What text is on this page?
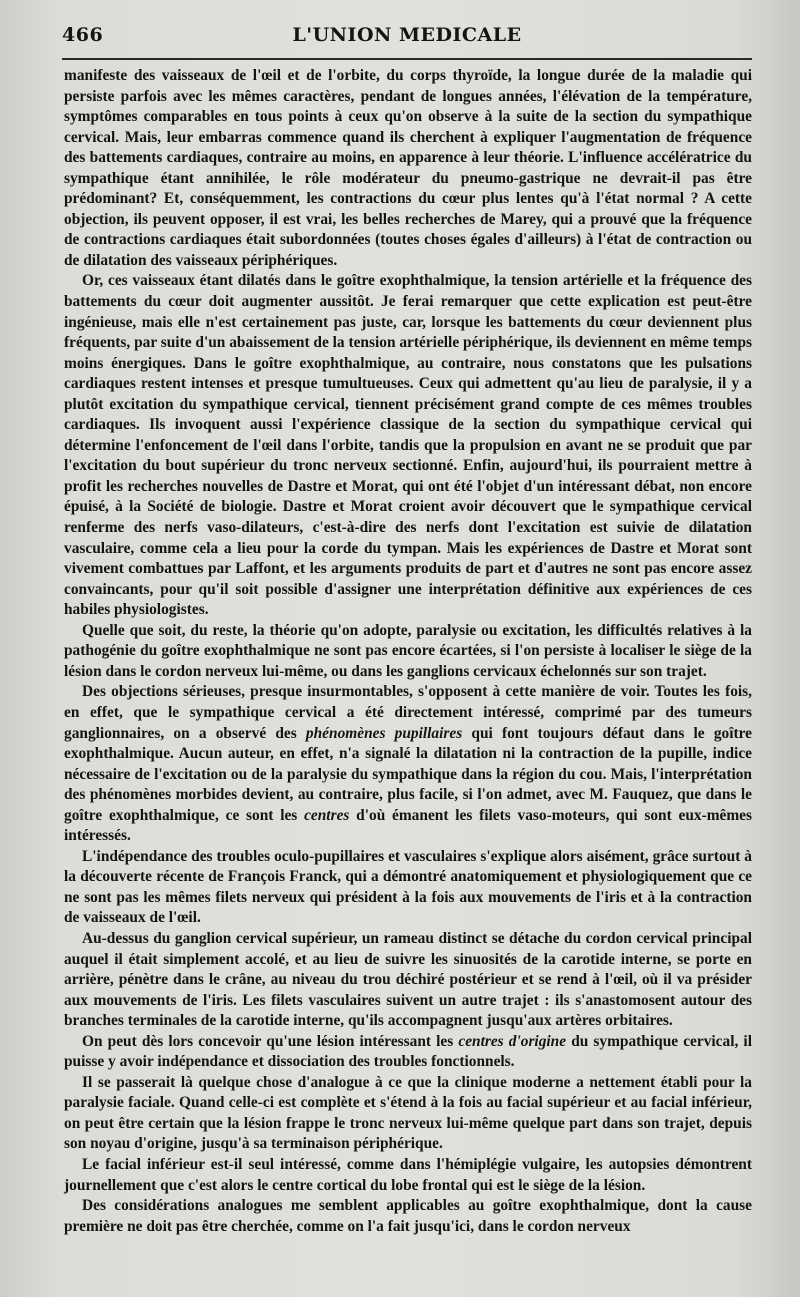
466	L'UNION MEDICALE

manifeste des vaisseaux de l'œil et de l'orbite, du corps thyroïde, la longue durée de la maladie qui persiste parfois avec les mêmes caractères, pendant de longues années, l'élévation de la température, symptômes comparables en tous points à ceux qu'on observe à la suite de la section du sympathique cervical. Mais, leur embarras commence quand ils cherchent à expliquer l'augmentation de fréquence des battements cardiaques, contraire au moins, en apparence à leur théorie. L'influence accélératrice du sympathique étant annihilée, le rôle modérateur du pneumo-gastrique ne devrait-il pas être prédominant? Et, conséquemment, les contractions du cœur plus lentes qu'à l'état normal ? A cette objection, ils peuvent opposer, il est vrai, les belles recherches de Marey, qui a prouvé que la fréquence de contractions cardiaques était subordonnées (toutes choses égales d'ailleurs) à l'état de contraction ou de dilatation des vaisseaux périphériques.

Or, ces vaisseaux étant dilatés dans le goître exophthalmique, la tension artérielle et la fréquence des battements du cœur doit augmenter aussitôt. Je ferai remarquer que cette explication est peut-être ingénieuse, mais elle n'est certainement pas juste, car, lorsque les battements du cœur deviennent plus fréquents, par suite d'un abaissement de la tension artérielle périphérique, ils deviennent en même temps moins énergiques. Dans le goître exophthalmique, au contraire, nous constatons que les pulsations cardiaques restent intenses et presque tumultueuses. Ceux qui admettent qu'au lieu de paralysie, il y a plutôt excitation du sympathique cervical, tiennent précisément grand compte de ces mêmes troubles cardiaques. Ils invoquent aussi l'expérience classique de la section du sympathique cervical qui détermine l'enfoncement de l'œil dans l'orbite, tandis que la propulsion en avant ne se produit que par l'excitation du bout supérieur du tronc nerveux sectionné. Enfin, aujourd'hui, ils pourraient mettre à profit les recherches nouvelles de Dastre et Morat, qui ont été l'objet d'un intéressant débat, non encore épuisé, à la Société de biologie. Dastre et Morat croient avoir découvert que le sympathique cervical renferme des nerfs vaso-dilateurs, c'est-à-dire des nerfs dont l'excitation est suivie de dilatation vasculaire, comme cela a lieu pour la corde du tympan. Mais les expériences de Dastre et Morat sont vivement combattues par Laffont, et les arguments produits de part et d'autres ne sont pas encore assez convaincants, pour qu'il soit possible d'assigner une interprétation définitive aux expériences de ces habiles physiologistes.

Quelle que soit, du reste, la théorie qu'on adopte, paralysie ou excitation, les difficultés relatives à la pathogénie du goître exophthalmique ne sont pas encore écartées, si l'on persiste à localiser le siège de la lésion dans le cordon nerveux lui-même, ou dans les ganglions cervicaux échelonnés sur son trajet.

Des objections sérieuses, presque insurmontables, s'opposent à cette manière de voir. Toutes les fois, en effet, que le sympathique cervical a été directement intéressé, comprimé par des tumeurs ganglionnaires, on a observé des phénomènes pupillaires qui font toujours défaut dans le goître exophthalmique. Aucun auteur, en effet, n'a signalé la dilatation ni la contraction de la pupille, indice nécessaire de l'excitation ou de la paralysie du sympathique dans la région du cou. Mais, l'interprétation des phénomènes morbides devient, au contraire, plus facile, si l'on admet, avec M. Fauquez, que dans le goître exophthalmique, ce sont les centres d'où émanent les filets vaso-moteurs, qui sont eux-mêmes intéressés.

L'indépendance des troubles oculo-pupillaires et vasculaires s'explique alors aisément, grâce surtout à la découverte récente de François Franck, qui a démontré anatomiquement et physiologiquement que ce ne sont pas les mêmes filets nerveux qui président à la fois aux mouvements de l'iris et à la contraction de vaisseaux de l'œil.

Au-dessus du ganglion cervical supérieur, un rameau distinct se détache du cordon cervical principal auquel il était simplement accolé, et au lieu de suivre les sinuosités de la carotide interne, se porte en arrière, pénètre dans le crâne, au niveau du trou déchiré postérieur et se rend à l'œil, où il va présider aux mouvements de l'iris. Les filets vasculaires suivent un autre trajet : ils s'anastomosent autour des branches terminales de la carotide interne, qu'ils accompagnent jusqu'aux artères orbitaires.

On peut dès lors concevoir qu'une lésion intéressant les centres d'origine du sympathique cervical, il puisse y avoir indépendance et dissociation des troubles fonctionnels.

Il se passerait là quelque chose d'analogue à ce que la clinique moderne a nettement établi pour la paralysie faciale. Quand celle-ci est complète et s'étend à la fois au facial supérieur et au facial inférieur, on peut être certain que la lésion frappe le tronc nerveux lui-même quelque part dans son trajet, depuis son noyau d'origine, jusqu'à sa terminaison périphérique.

Le facial inférieur est-il seul intéressé, comme dans l'hémiplégie vulgaire, les autopsies démontrent journellement que c'est alors le centre cortical du lobe frontal qui est le siège de la lésion.

Des considérations analogues me semblent applicables au goître exophthalmique, dont la cause première ne doit pas être cherchée, comme on l'a fait jusqu'ici, dans le cordon nerveux
